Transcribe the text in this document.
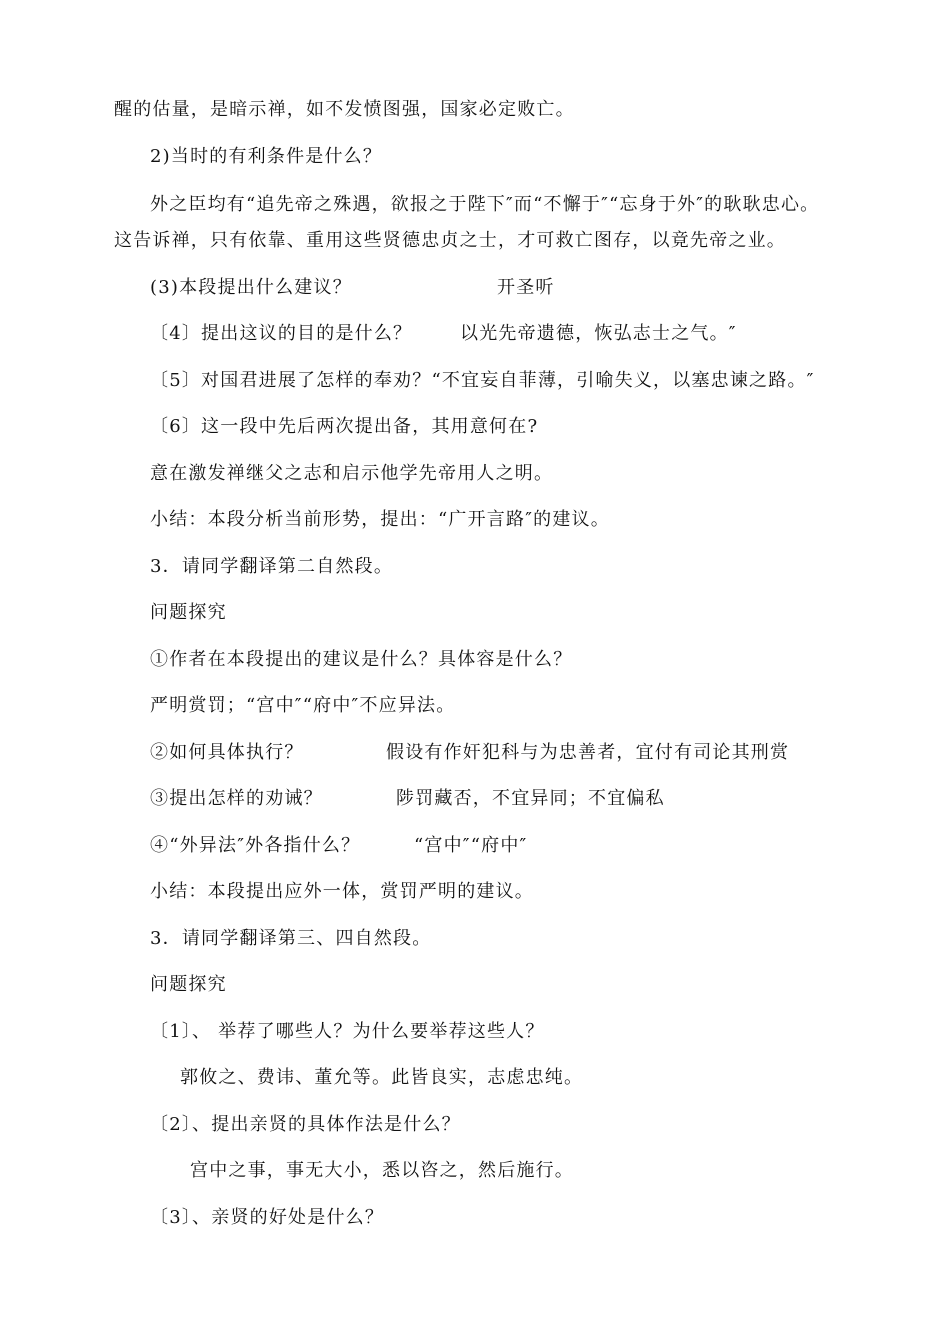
醒的估量，是暗示禅，如不发愤图强，国家必定败亡。
2)当时的有利条件是什么？
外之臣均有“追先帝之殊遇，欲报之于陛下″而“不懈于″“忘身于外″的耿耿忠心。
这告诉禅，只有依靠、重用这些贤德忠贞之士，才可救亡图存，以竟先帝之业。
(3)本段提出什么建议？	开圣听
〔4〕提出这议的目的是什么？	以光先帝遗德，恢弘志士之气。″
〔5〕对国君进展了怎样的奉劝？“不宜妄自菲薄，引喻失义，以塞忠谏之路。″
〔6〕这一段中先后两次提出备，其用意何在?
意在激发禅继父之志和启示他学先帝用人之明。
小结：本段分析当前形势，提出：“广开言路″的建议。
3．请同学翻译第二自然段。
问题探究
①作者在本段提出的建议是什么？具体容是什么？
严明赏罚；“宫中″“府中″不应异法。
②如何具体执行？	假设有作奸犯科与为忠善者，宜付有司论其刑赏
③提出怎样的劝诫？	陟罚藏否，不宜异同；不宜偏私
④“外异法″外各指什么？	“宫中″“府中″
小结：本段提出应外一体，赏罚严明的建议。
3．请同学翻译第三、四自然段。
问题探究
〔1〕、 举荐了哪些人？为什么要举荐这些人？
郭攸之、费讳、董允等。此皆良实，志虑忠纯。
〔2〕、提出亲贤的具体作法是什么？
宫中之事，事无大小，悉以咨之，然后施行。
〔3〕、亲贤的好处是什么？
